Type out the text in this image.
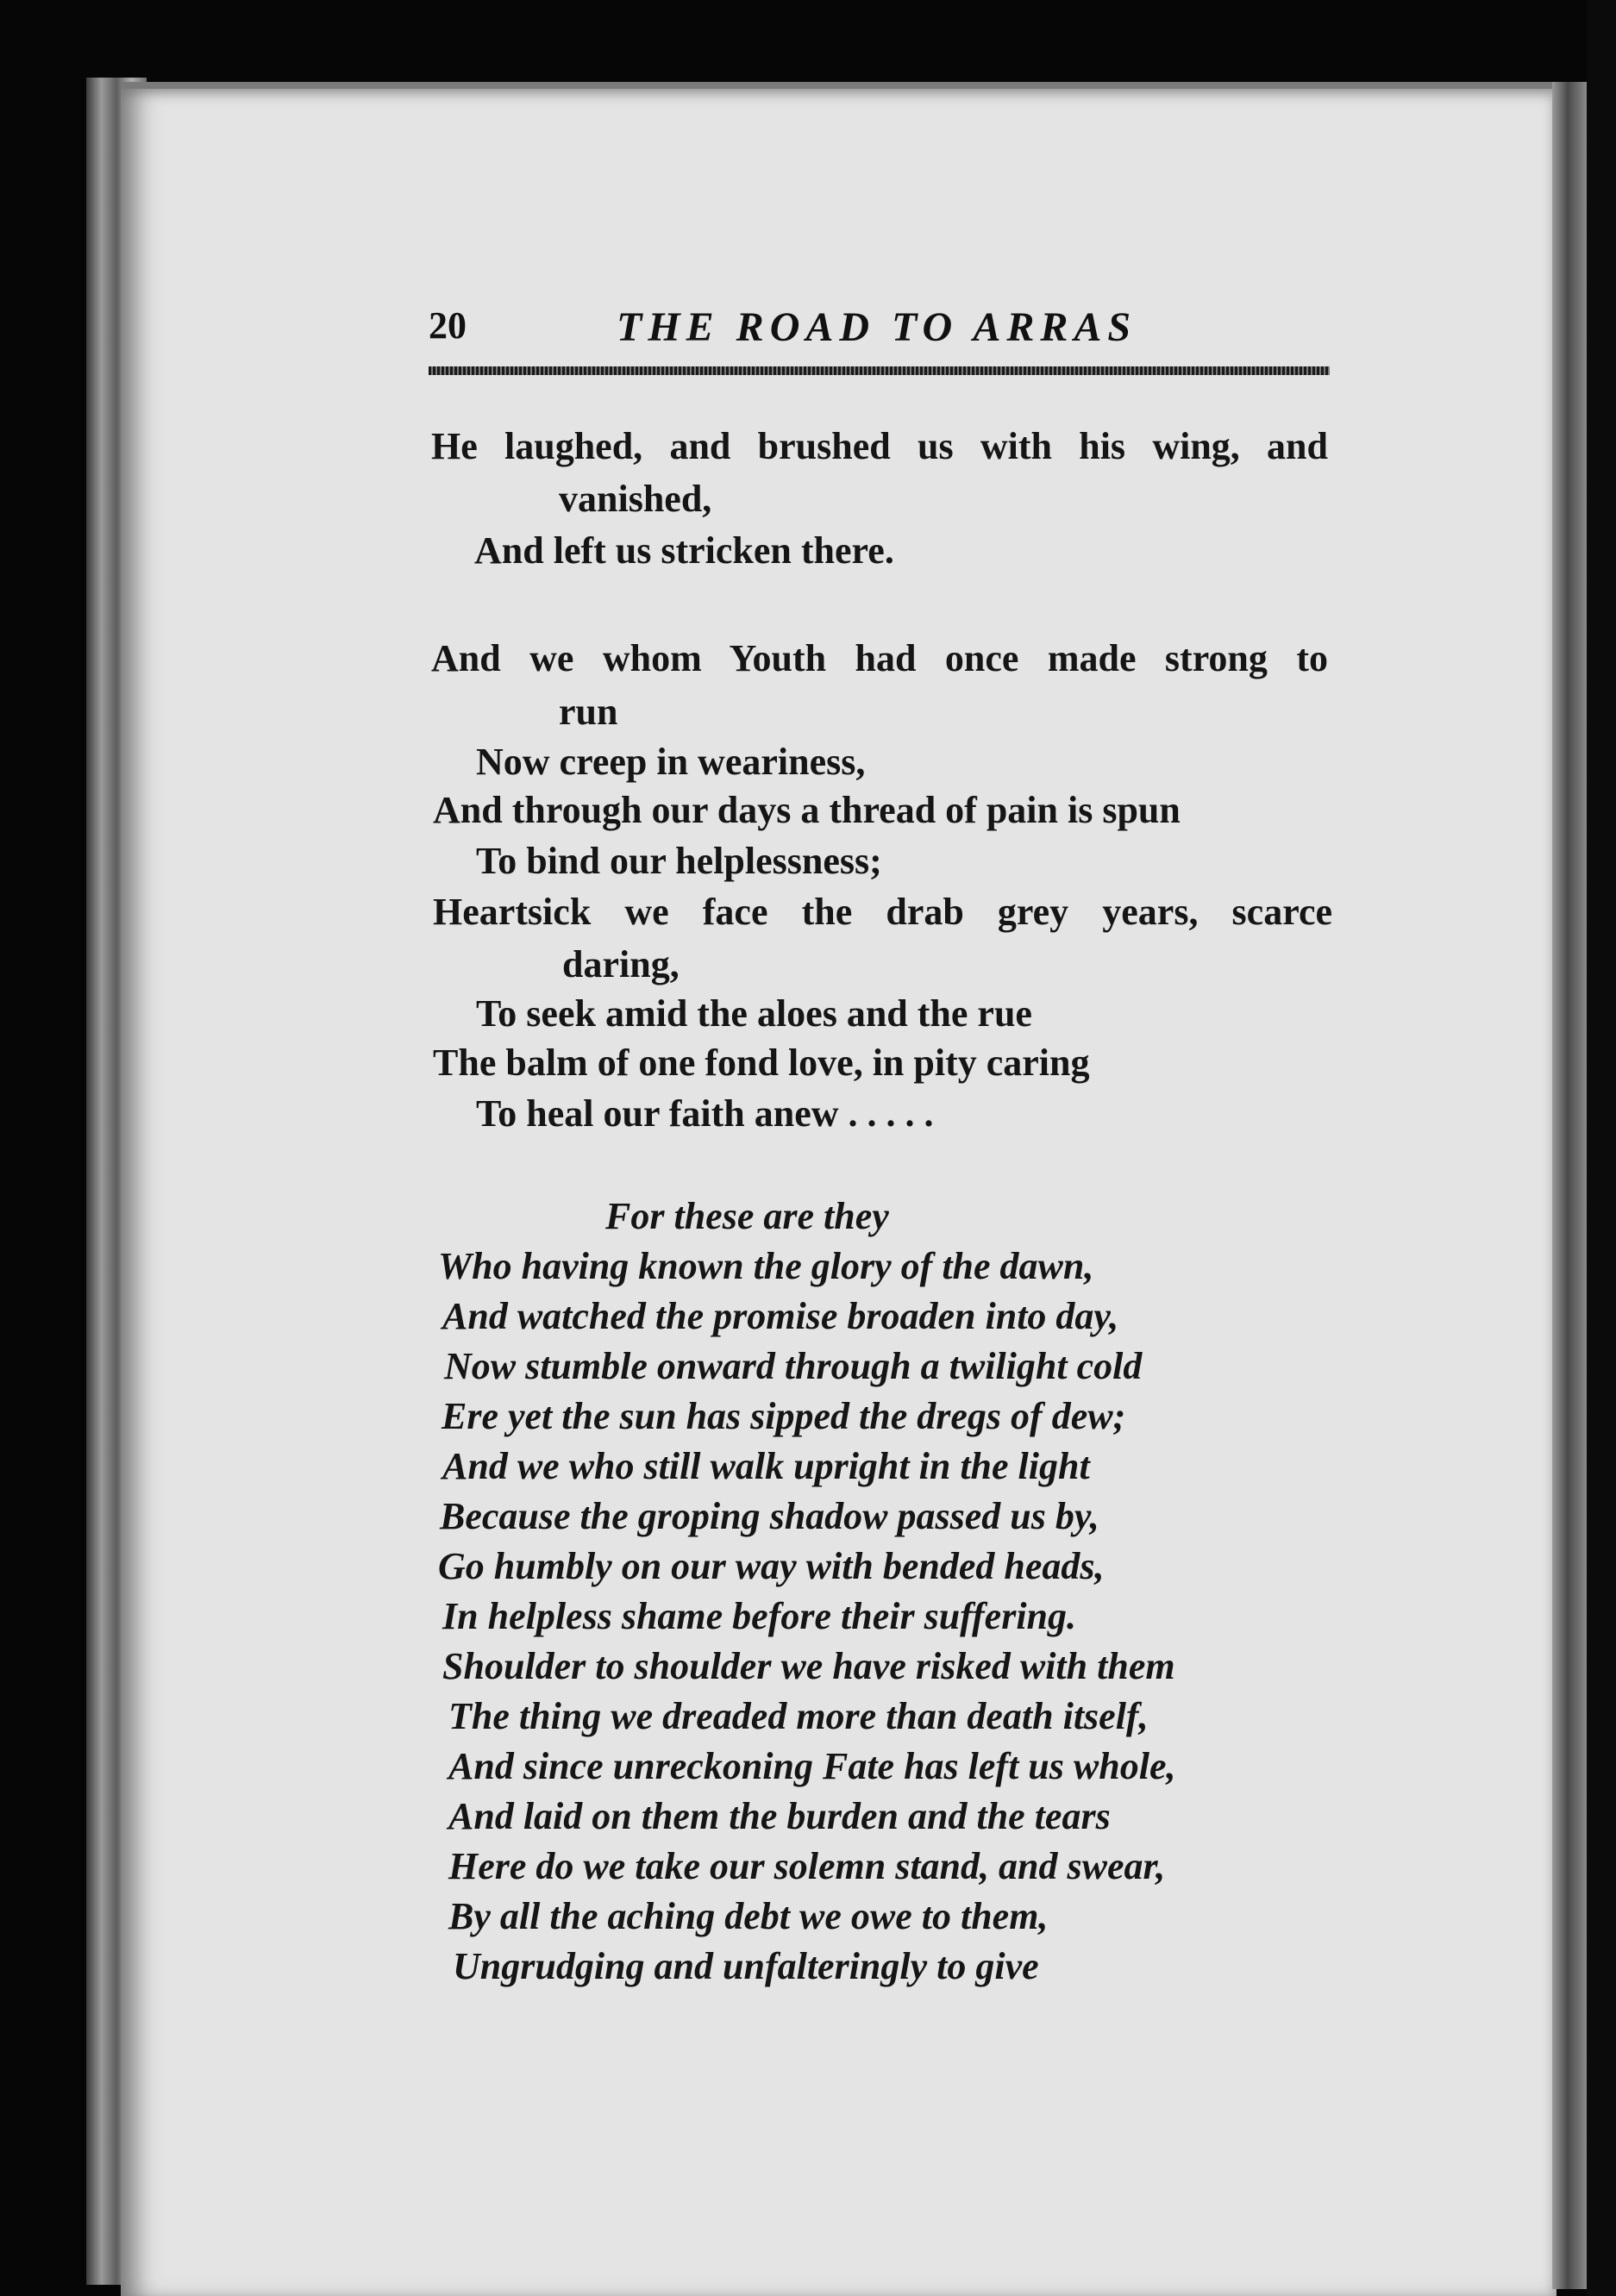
20	THE ROAD TO ARRAS
He laughed, and brushed us with his wing, and
vanished,
And left us stricken there.
And we whom Youth had once made strong to
run
Now creep in weariness,
And through our days a thread of pain is spun
To bind our helplessness;
Heartsick we face the drab grey years, scarce
daring,
To seek amid the aloes and the rue
The balm of one fond love, in pity caring
To heal our faith anew . . . . .
For these are they
Who having known the glory of the dawn,
And watched the promise broaden into day,
Now stumble onward through a twilight cold
Ere yet the sun has sipped the dregs of dew;
And we who still walk upright in the light
Because the groping shadow passed us by,
Go humbly on our way with bended heads,
In helpless shame before their suffering.
Shoulder to shoulder we have risked with them
The thing we dreaded more than death itself,
And since unreckoning Fate has left us whole,
And laid on them the burden and the tears
Here do we take our solemn stand, and swear,
By all the aching debt we owe to them,
Ungrudging and unfalteringly to give
